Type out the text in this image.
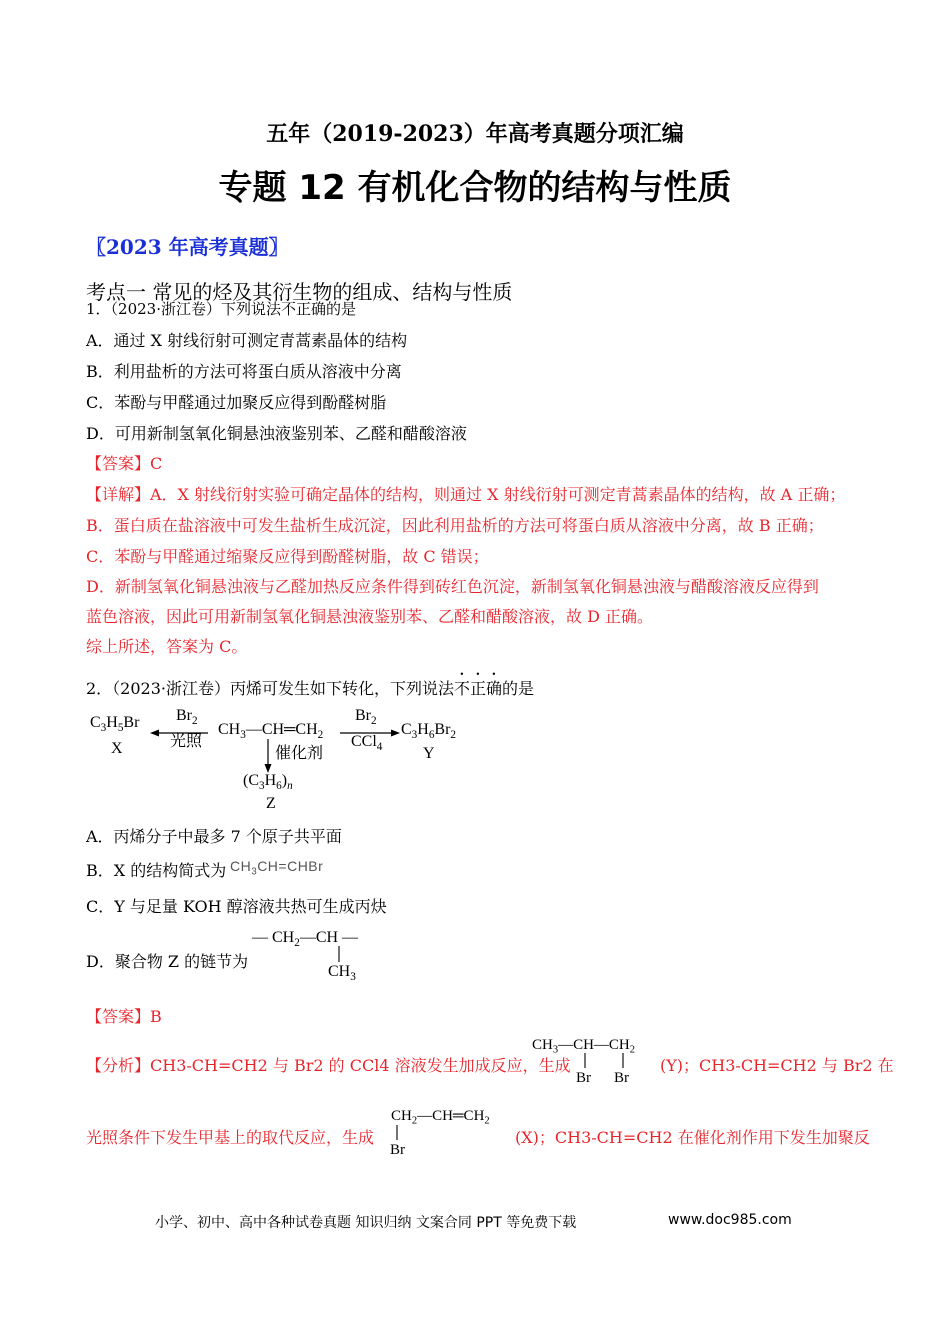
五年（2019-2023）年高考真题分项汇编
专题 12 有机化合物的结构与性质
〖2023 年高考真题〗
考点一 常见的烃及其衍生物的组成、结构与性质
1．（2023·浙江卷）下列说法不正确的是
A．通过 X 射线衍射可测定青蒿素晶体的结构
B．利用盐析的方法可将蛋白质从溶液中分离
C．苯酚与甲醛通过加聚反应得到酚醛树脂
D．可用新制氢氧化铜悬浊液鉴别苯、乙醛和醋酸溶液
【答案】C
【详解】A．X 射线衍射实验可确定晶体的结构，则通过 X 射线衍射可测定青蒿素晶体的结构，故 A 正确；
B．蛋白质在盐溶液中可发生盐析生成沉淀，因此利用盐析的方法可将蛋白质从溶液中分离，故 B 正确；
C．苯酚与甲醛通过缩聚反应得到酚醛树脂，故 C 错误；
D．新制氢氧化铜悬浊液与乙醛加热反应条件得到砖红色沉淀，新制氢氧化铜悬浊液与醋酸溶液反应得到
蓝色溶液，因此可用新制氢氧化铜悬浊液鉴别苯、乙醛和醋酸溶液，故 D 正确。
综上所述，答案为 C。
2．（2023·浙江卷）丙烯可发生如下转化，下列说法不正确的是
$C_3H_5Br$
X
$Br_2$
光照
$CH_3—CH═CH_2$
$Br_2$
CCl$_4$
$C_3H_6Br_2$
Y
催化剂
$(C_3H_6)_n$
Z
A．丙烯分子中最多 7 个原子共平面
B．X 的结构简式为 $CH_3CH=CHBr$
C．Y 与足量 KOH 醇溶液共热可生成丙炔
D．聚合物 Z 的链节为
— $CH_2—CH$ —
$CH_3$
【答案】B
【分析】CH3-CH=CH2 与 Br2 的 CCl4 溶液发生加成反应，生成
$CH_3—CH—CH_2$
Br Br
(Y)；CH3-CH=CH2 与 Br2 在
光照条件下发生甲基上的取代反应，生成
$CH_2—CH═CH_2$
Br
(X)；CH3-CH=CH2 在催化剂作用下发生加聚反
小学、初中、高中各种试卷真题 知识归纳 文案合同 PPT 等免费下载	www.doc985.com
